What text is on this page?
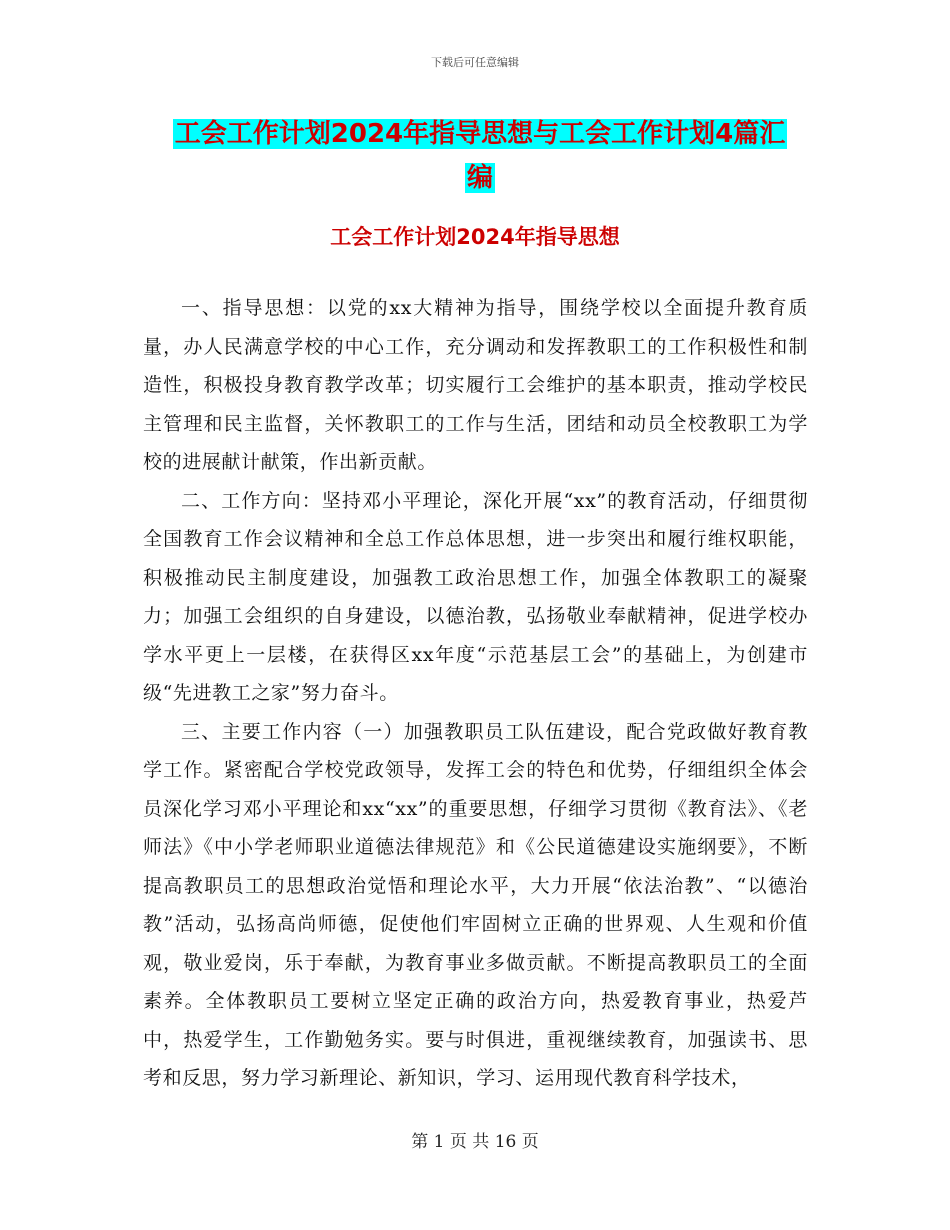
下载后可任意编辑
工会工作计划2024年指导思想与工会工作计划4篇汇
编
工会工作计划2024年指导思想

一、指导思想：以党的xx大精神为指导，围绕学校以全面提升教育质量，办人民满意学校的中心工作，充分调动和发挥教职工的工作积极性和制造性，积极投身教育教学改革；切实履行工会维护的基本职责，推动学校民主管理和民主监督，关怀教职工的工作与生活，团结和动员全校教职工为学校的进展献计献策，作出新贡献。

二、工作方向：坚持邓小平理论，深化开展“xx”的教育活动，仔细贯彻全国教育工作会议精神和全总工作总体思想，进一步突出和履行维权职能，积极推动民主制度建设，加强教工政治思想工作，加强全体教职工的凝聚力；加强工会组织的自身建设，以德治教，弘扬敬业奉献精神，促进学校办学水平更上一层楼，在获得区xx年度“示范基层工会”的基础上，为创建市级“先进教工之家”努力奋斗。

三、主要工作内容（一）加强教职员工队伍建设，配合党政做好教育教学工作。紧密配合学校党政领导，发挥工会的特色和优势，仔细组织全体会员深化学习邓小平理论和xx“xx”的重要思想，仔细学习贯彻《教育法》、《老师法》《中小学老师职业道德法律规范》和《公民道德建设实施纲要》，不断提高教职员工的思想政治觉悟和理论水平，大力开展“依法治教”、“以德治教”活动，弘扬高尚师德，促使他们牢固树立正确的世界观、人生观和价值观，敬业爱岗，乐于奉献，为教育事业多做贡献。不断提高教职员工的全面素养。全体教职员工要树立坚定正确的政治方向，热爱教育事业，热爱芦中，热爱学生，工作勤勉务实。要与时俱进，重视继续教育，加强读书、思考和反思，努力学习新理论、新知识，学习、运用现代教育科学技术，

第 1 页 共 16 页
